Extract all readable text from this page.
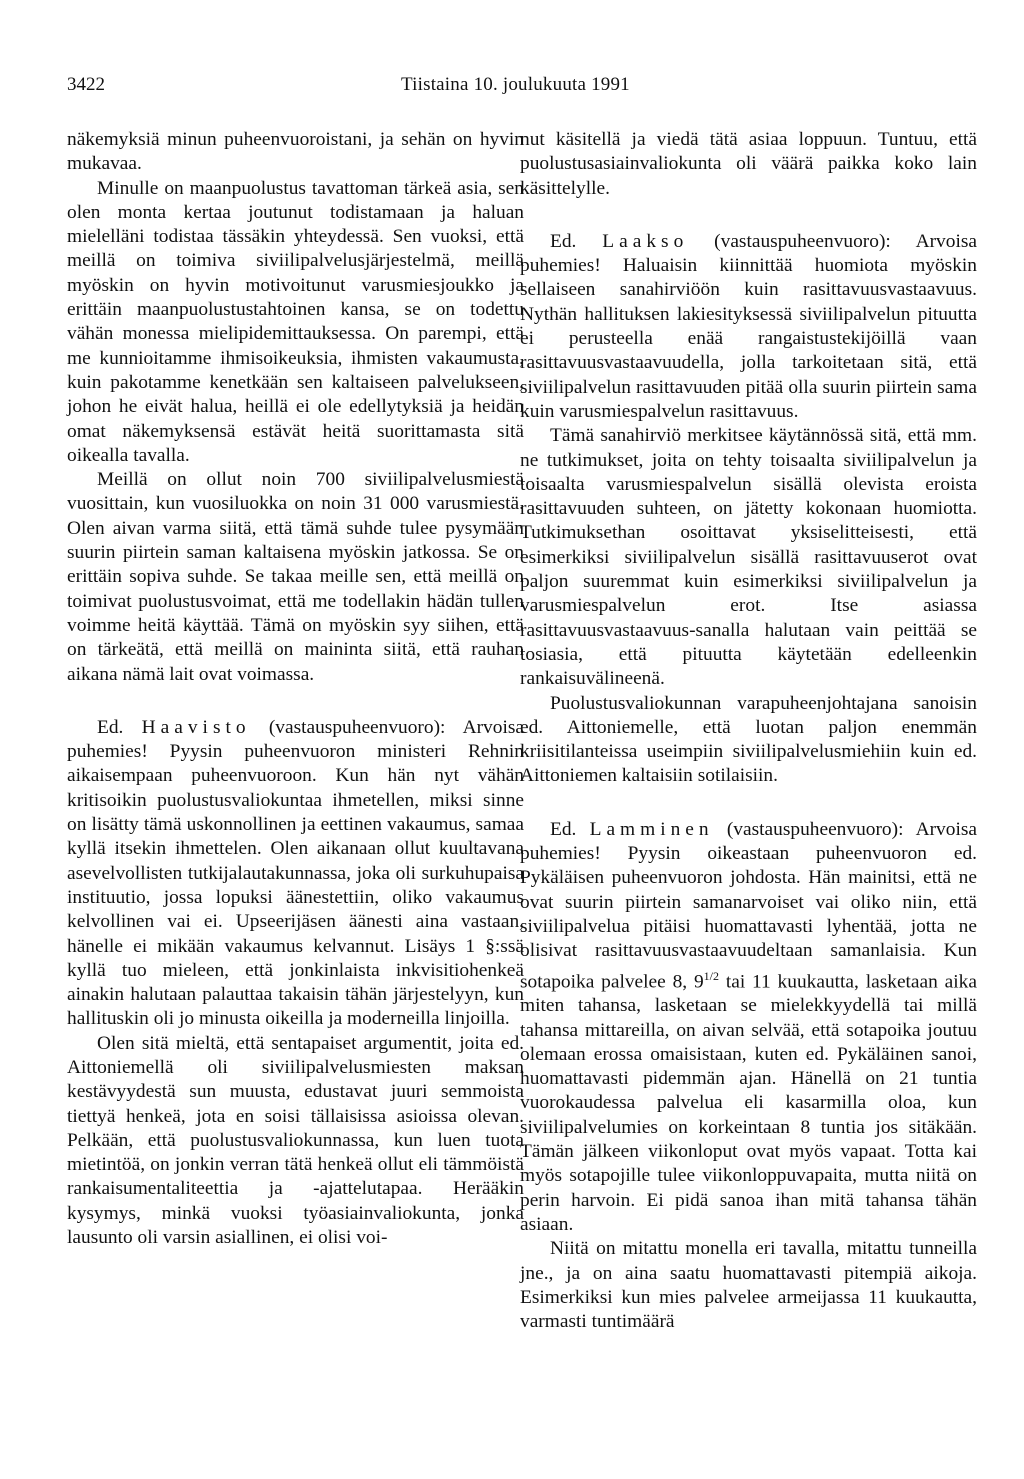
3422	Tiistaina 10. joulukuuta 1991

näkemyksiä minun puheenvuoroistani, ja sehän on hyvin mukavaa.

Minulle on maanpuolustus tavattoman tärkeä asia, sen olen monta kertaa joutunut todistamaan ja haluan mielelläni todistaa tässäkin yhteydessä. Sen vuoksi, että meillä on toimiva siviilipalvelusjärjestelmä, meillä myöskin on hyvin motivoitunut varusmiesjoukko ja erittäin maanpuolustustahtoinen kansa, se on todettu vähän monessa mielipidemittauksessa. On parempi, että me kunnioitamme ihmisoikeuksia, ihmisten vakaumusta, kuin pakotamme kenetkään sen kaltaiseen palvelukseen, johon he eivät halua, heillä ei ole edellytyksiä ja heidän omat näkemyksensä estävät heitä suorittamasta sitä oikealla tavalla.

Meillä on ollut noin 700 siviilipalvelusmiestä vuosittain, kun vuosiluokka on noin 31 000 varusmiestä. Olen aivan varma siitä, että tämä suhde tulee pysymään suurin piirtein saman kaltaisena myöskin jatkossa. Se on erittäin sopiva suhde. Se takaa meille sen, että meillä on toimivat puolustusvoimat, että me todellakin hädän tullen voimme heitä käyttää. Tämä on myöskin syy siihen, että on tärkeätä, että meillä on maininta siitä, että rauhan aikana nämä lait ovat voimassa.

Ed. Haavisto (vastauspuheenvuoro): Arvoisa puhemies! Pyysin puheenvuoron ministeri Rehnin aikaisempaan puheenvuoroon. Kun hän nyt vähän kritisoikin puolustusvaliokuntaa ihmetellen, miksi sinne on lisätty tämä uskonnollinen ja eettinen vakaumus, samaa kyllä itsekin ihmettelen. Olen aikanaan ollut kuultavana asevelvollisten tutkijalautakunnassa, joka oli surkuhupaisa instituutio, jossa lopuksi äänestettiin, oliko vakaumus kelvollinen vai ei. Upseerijäsen äänesti aina vastaan, hänelle ei mikään vakaumus kelvannut. Lisäys 1 §:ssä kyllä tuo mieleen, että jonkinlaista inkvisitiohenkeä ainakin halutaan palauttaa takaisin tähän järjestelyyn, kun hallituskin oli jo minusta oikeilla ja moderneilla linjoilla.

Olen sitä mieltä, että sentapaiset argumentit, joita ed. Aittoniemellä oli siviilipalvelusmiesten maksan kestävyydestä sun muusta, edustavat juuri semmoista tiettyä henkeä, jota en soisi tällaisissa asioissa olevan. Pelkään, että puolustusvaliokunnassa, kun luen tuota mietintöä, on jonkin verran tätä henkeä ollut eli tämmöistä rankaisumentaliteettia ja -ajattelutapaa. Herääkin kysymys, minkä vuoksi työasiainvaliokunta, jonka lausunto oli varsin asiallinen, ei olisi voi-

nut käsitellä ja viedä tätä asiaa loppuun. Tuntuu, että puolustusasiainvaliokunta oli väärä paikka koko lain käsittelylle.

Ed. Laakso (vastauspuheenvuoro): Arvoisa puhemies! Haluaisin kiinnittää huomiota myöskin sellaiseen sanahirviöön kuin rasittavuusvastaavuus. Nythän hallituksen lakiesityksessä siviilipalvelun pituutta ei perusteella enää rangaistustekijöillä vaan rasittavuusvastaavuudella, jolla tarkoitetaan sitä, että siviilipalvelun rasittavuuden pitää olla suurin piirtein sama kuin varusmiespalvelun rasittavuus.

Tämä sanahirviö merkitsee käytännössä sitä, että mm. ne tutkimukset, joita on tehty toisaalta siviilipalvelun ja toisaalta varusmiespalvelun sisällä olevista eroista rasittavuuden suhteen, on jätetty kokonaan huomiotta. Tutkimuksethan osoittavat yksiselitteisesti, että esimerkiksi siviilipalvelun sisällä rasittavuuserot ovat paljon suuremmat kuin esimerkiksi siviilipalvelun ja varusmiespalvelun erot. Itse asiassa rasittavuusvastaavuus-sanalla halutaan vain peittää se tosiasia, että pituutta käytetään edelleenkin rankaisuvälineenä.

Puolustusvaliokunnan varapuheenjohtajana sanoisin ed. Aittoniemelle, että luotan paljon enemmän kriisitilanteissa useimpiin siviilipalvelusmiehiin kuin ed. Aittoniemen kaltaisiin sotilaisiin.

Ed. Lamminen (vastauspuheenvuoro): Arvoisa puhemies! Pyysin oikeastaan puheenvuoron ed. Pykäläisen puheenvuoron johdosta. Hän mainitsi, että ne ovat suurin piirtein samanarvoiset vai oliko niin, että siviilipalvelua pitäisi huomattavasti lyhentää, jotta ne olisivat rasittavuusvastaavuudeltaan samanlaisia. Kun sotapoika palvelee 8, $9^{1/2}$ tai 11 kuukautta, lasketaan aika miten tahansa, lasketaan se mielekkyydellä tai millä tahansa mittareilla, on aivan selvää, että sotapoika joutuu olemaan erossa omaisistaan, kuten ed. Pykäläinen sanoi, huomattavasti pidemmän ajan. Hänellä on 21 tuntia vuorokaudessa palvelua eli kasarmilla oloa, kun siviilipalvelumies on korkeintaan 8 tuntia jos sitäkään. Tämän jälkeen viikonloput ovat myös vapaat. Totta kai myös sotapojille tulee viikonloppuvapaita, mutta niitä on perin harvoin. Ei pidä sanoa ihan mitä tahansa tähän asiaan.

Niitä on mitattu monella eri tavalla, mitattu tunneilla jne., ja on aina saatu huomattavasti pitempiä aikoja. Esimerkiksi kun mies palvelee armeijassa 11 kuukautta, varmasti tuntimäärä
